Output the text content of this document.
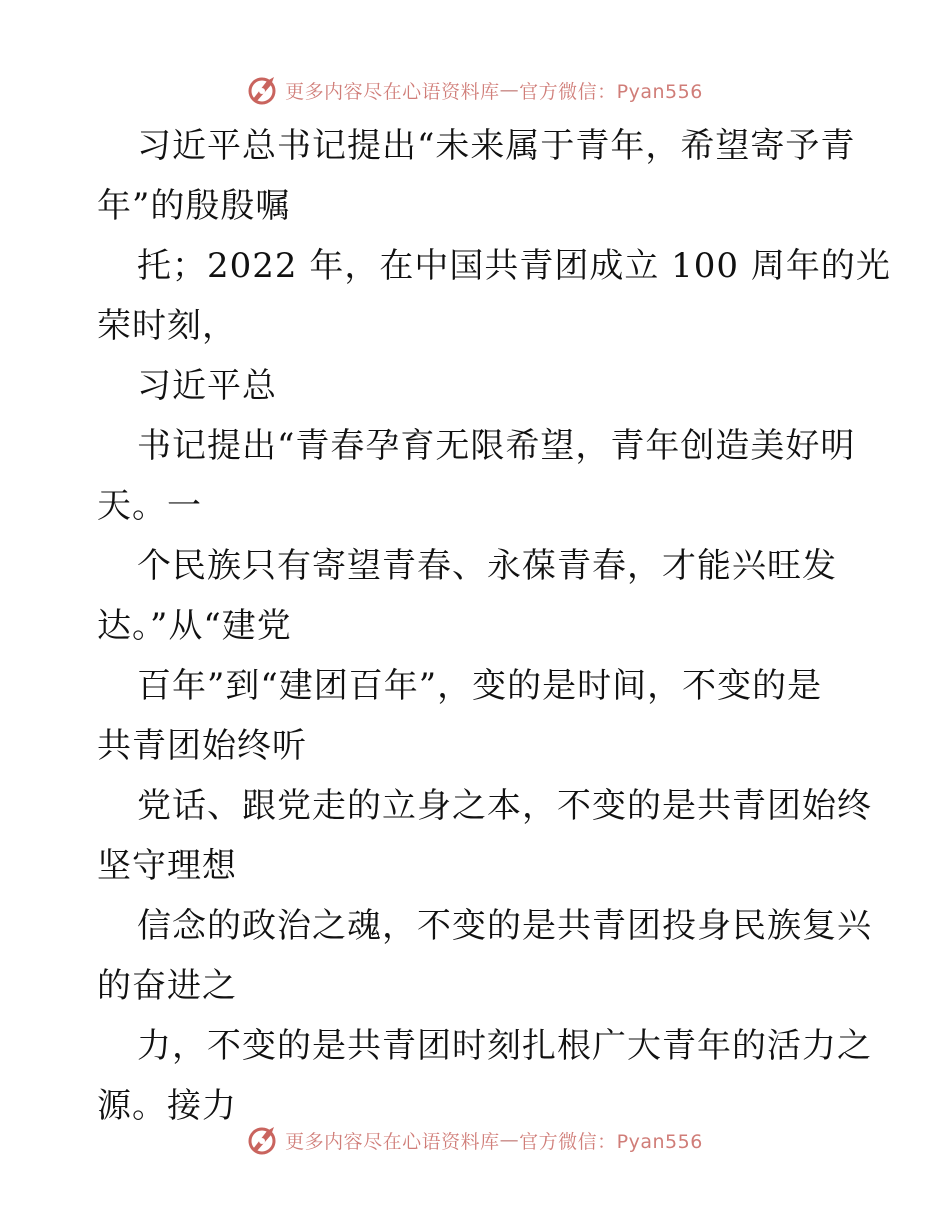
更多内容尽在心语资料库 — 官方微信：Pyan556
习近平总书记提出“未来属于青年，希望寄予青
年”的殷殷嘱
托；2022 年，在中国共青团成立 100 周年的光
荣时刻，
习近平总
书记提出“青春孕育无限希望，青年创造美好明
天。一
个民族只有寄望青春、永葆青春，才能兴旺发
达。”从“建党
百年”到“建团百年”，变的是时间，不变的是
共青团始终听
党话、跟党走的立身之本，不变的是共青团始终
坚守理想
信念的政治之魂，不变的是共青团投身民族复兴
的奋进之
力，不变的是共青团时刻扎根广大青年的活力之
源。接力
更多内容尽在心语资料库 — 官方微信：Pyan556
